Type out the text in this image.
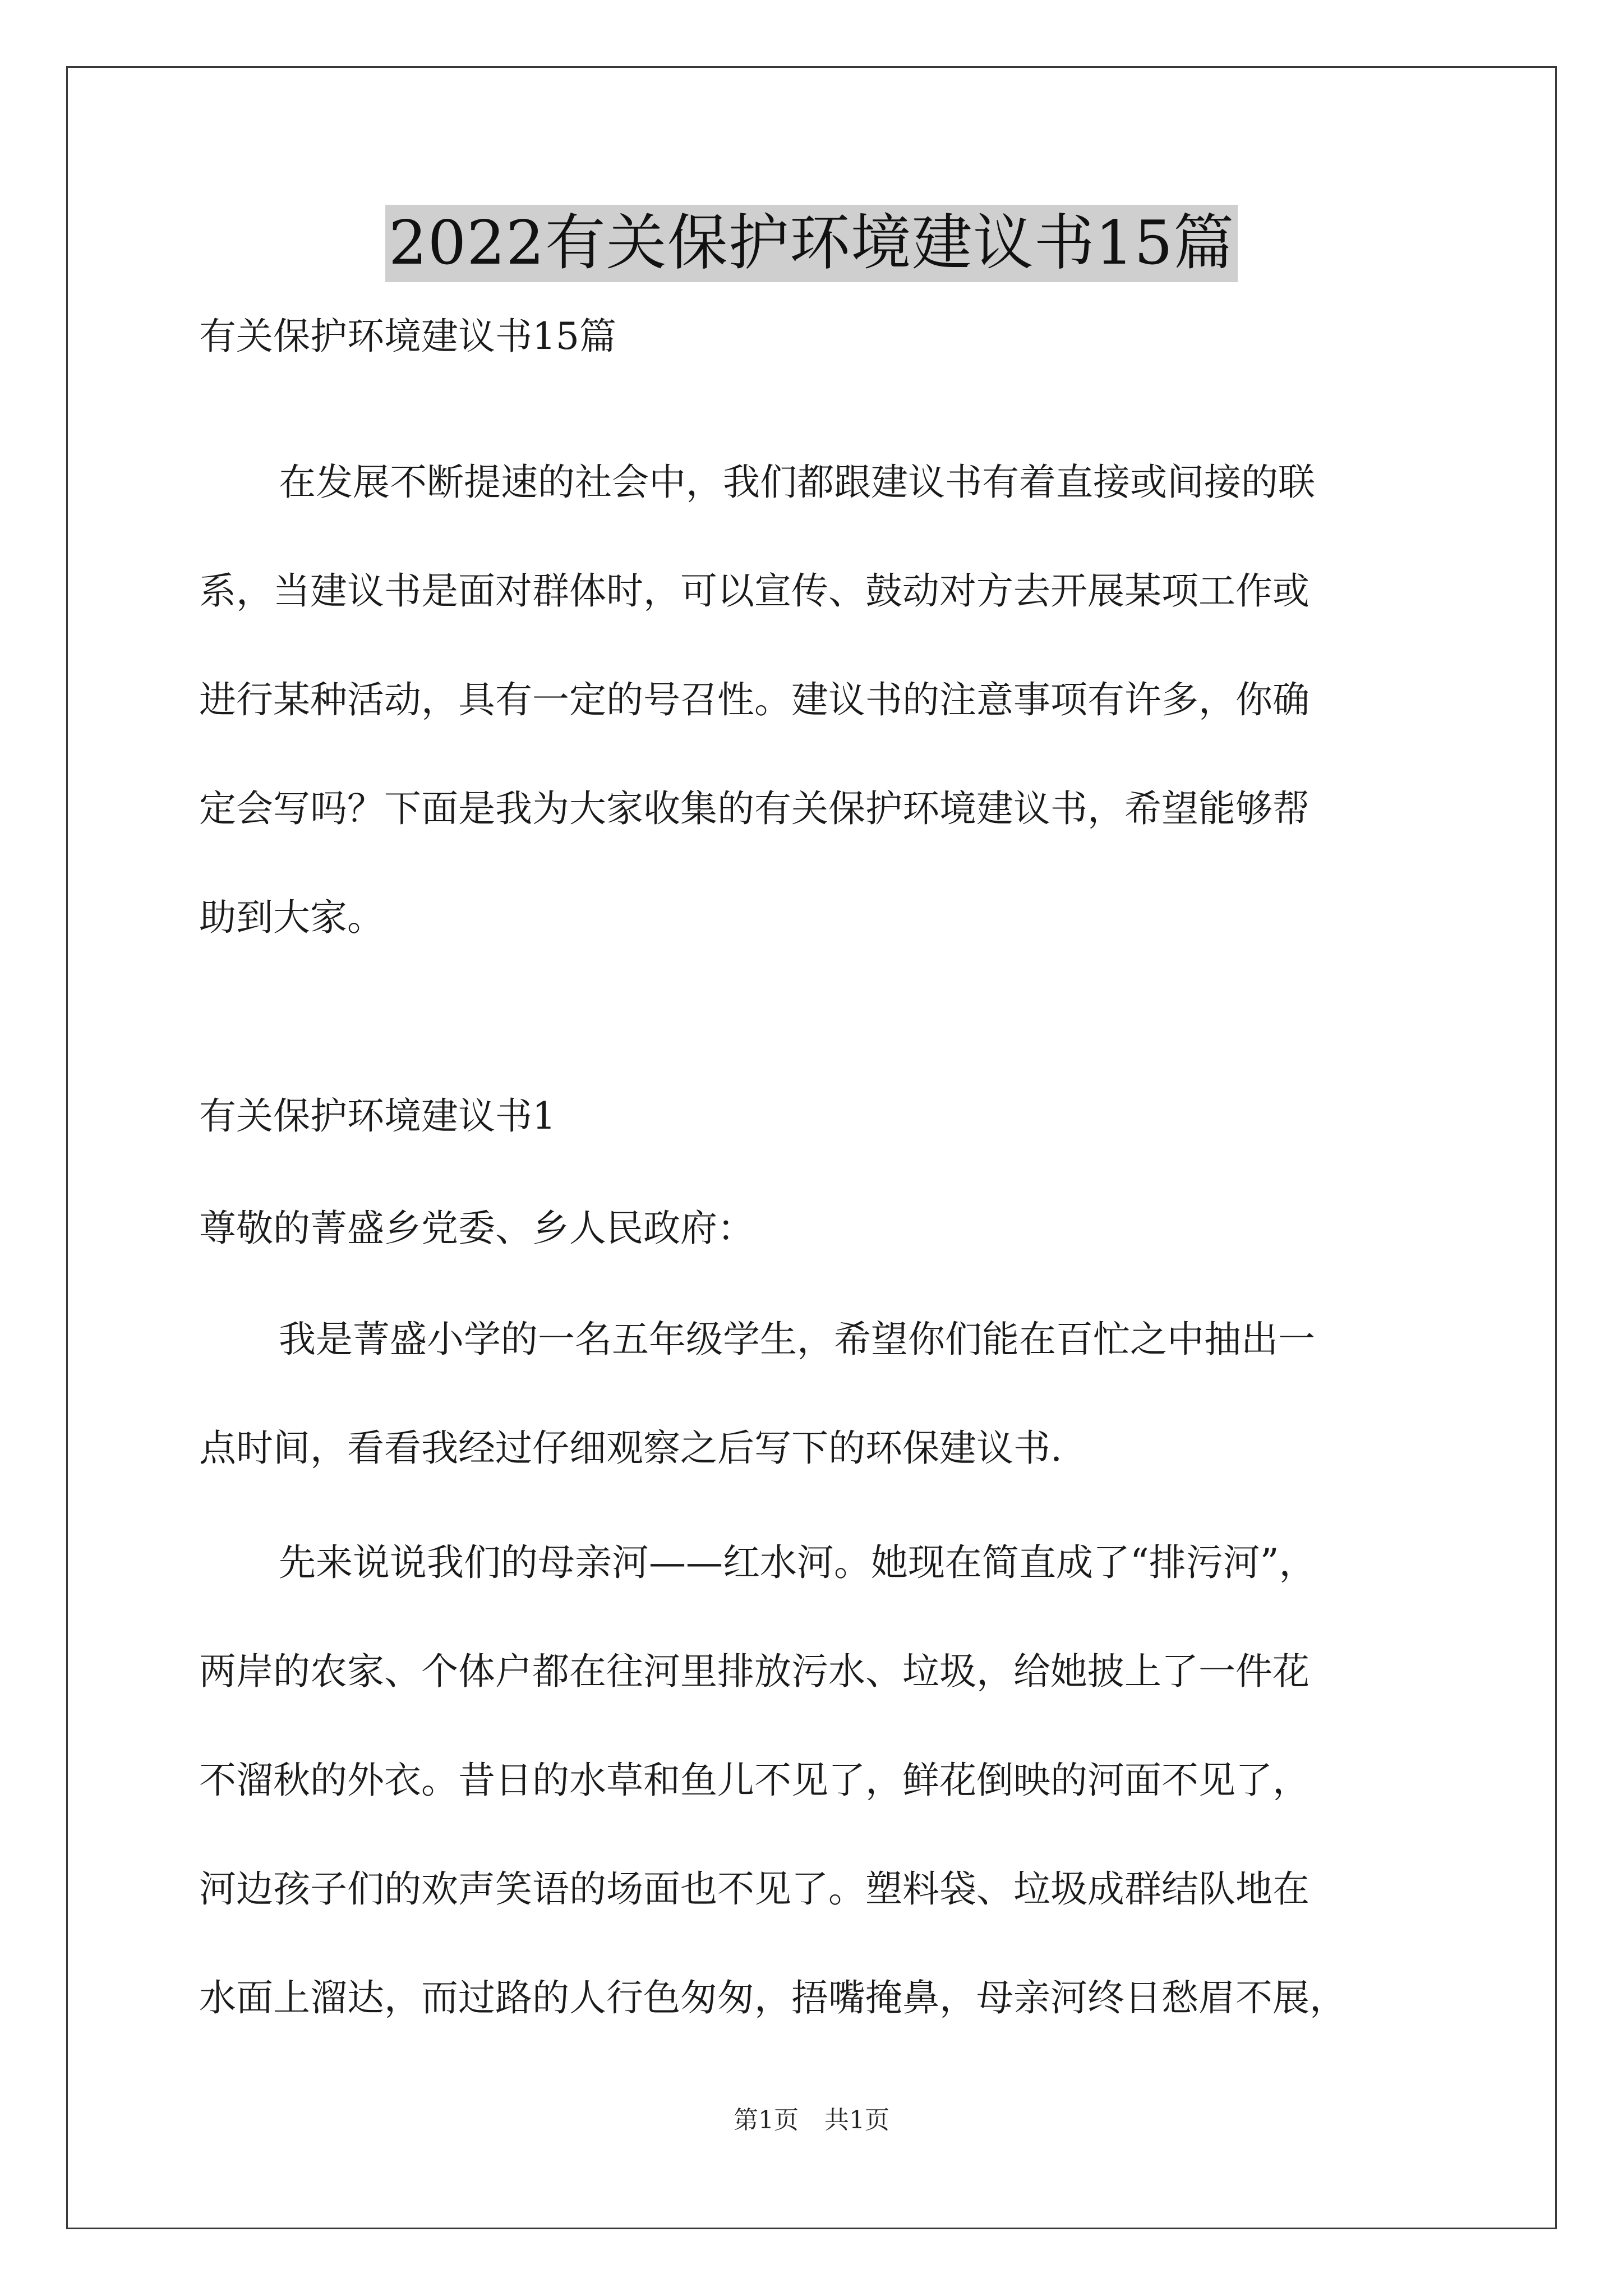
2022有关保护环境建议书15篇
有关保护环境建议书15篇
在发展不断提速的社会中，我们都跟建议书有着直接或间接的联
系，当建议书是面对群体时，可以宣传、鼓动对方去开展某项工作或
进行某种活动，具有一定的号召性。建议书的注意事项有许多，你确
定会写吗？下面是我为大家收集的有关保护环境建议书，希望能够帮
助到大家。
有关保护环境建议书1
尊敬的菁盛乡党委、乡人民政府：
我是菁盛小学的一名五年级学生，希望你们能在百忙之中抽出一
点时间，看看我经过仔细观察之后写下的环保建议书.
先来说说我们的母亲河——红水河。她现在简直成了“排污河”，
两岸的农家、个体户都在往河里排放污水、垃圾，给她披上了一件花
不溜秋的外衣。昔日的水草和鱼儿不见了，鲜花倒映的河面不见了，
河边孩子们的欢声笑语的场面也不见了。塑料袋、垃圾成群结队地在
水面上溜达，而过路的人行色匆匆，捂嘴掩鼻，母亲河终日愁眉不展，
第1页 共1页
